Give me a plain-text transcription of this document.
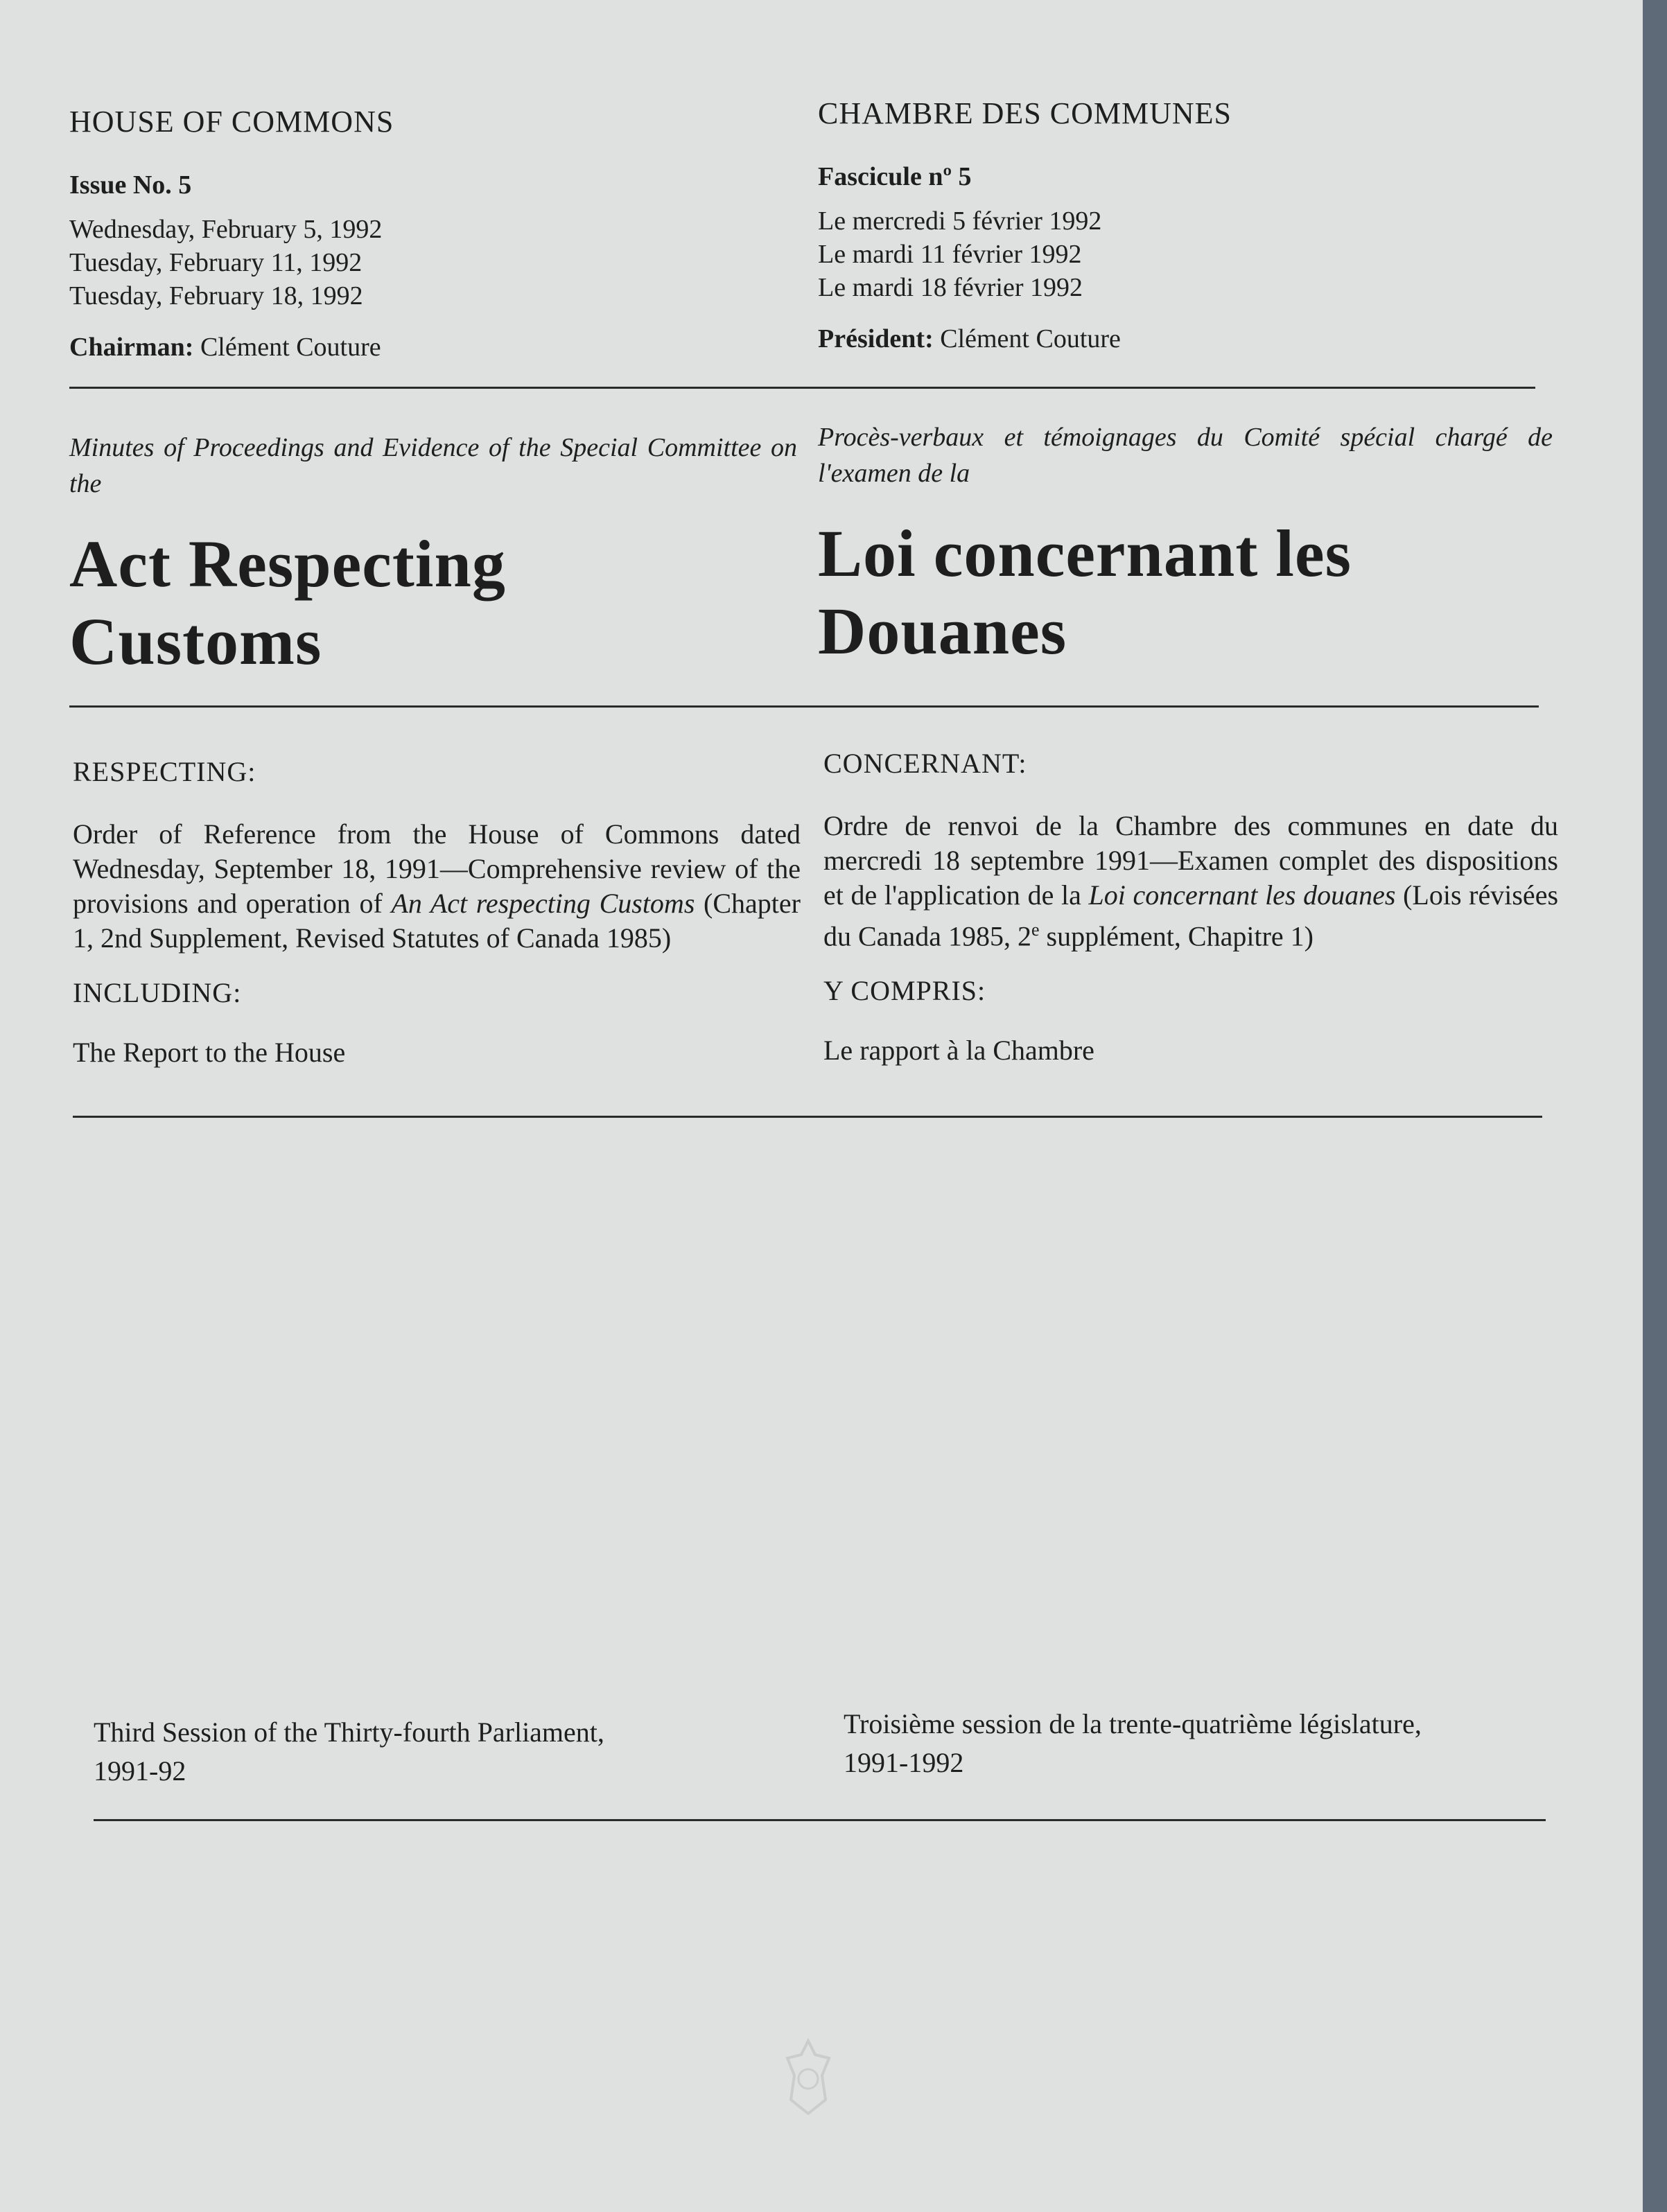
HOUSE OF COMMONS

Issue No. 5

Wednesday, February 5, 1992
Tuesday, February 11, 1992
Tuesday, February 18, 1992
Chairman: Clément Couture

CHAMBRE DES COMMUNES

Fascicule nº 5

Le mercredi 5 février 1992
Le mardi 11 février 1992
Le mardi 18 février 1992
Président: Clément Couture

Minutes of Proceedings and Evidence of the Special Committee on the

Act Respecting

Customs

Procès-verbaux et témoignages du Comité spécial chargé de l'examen de la

Loi concernant les

Douanes

RESPECTING:

Order of Reference from the House of Commons dated Wednesday, September 18, 1991—Comprehensive review of the provisions and operation of An Act respecting Customs (Chapter 1, 2nd Supplement, Revised Statutes of Canada 1985)

INCLUDING:

The Report to the House

CONCERNANT:

Ordre de renvoi de la Chambre des communes en date du mercredi 18 septembre 1991—Examen complet des dispositions et de l'application de la Loi concernant les douanes (Lois révisées du Canada 1985, 2e supplément, Chapitre 1)

Y COMPRIS:

Le rapport à la Chambre

Third Session of the Thirty-fourth Parliament,

1991-92

Troisième session de la trente-quatrième législature,

1991-1992
